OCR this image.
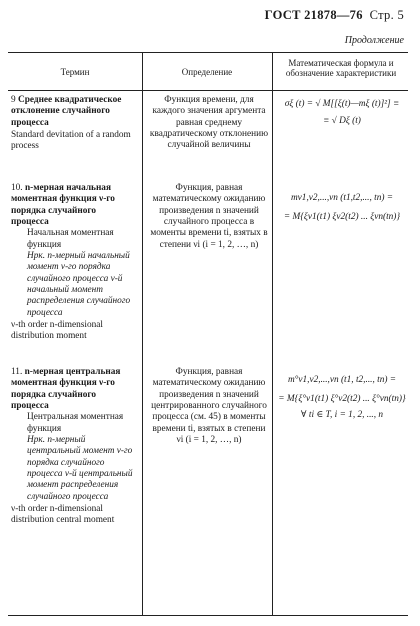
ГОСТ 21878—76 Стр. 5
Продолжение
Термин	Определение
Математическая формула и обозначение характеристики
9 Среднее квадратическое отклонение случайного процесса
Standard devitation of a random process
Функция времени, для каждого значения аргумента равная среднему квадратическому отклонению случайной величины
σξ (t) = √ M[[ξ(t)—mξ (t)]²] ≡
≡ √ Dξ (t)
10. n-мерная начальная моментная функция ν-го порядка случайного процесса
Начальная моментная функция
Нрк. n-мерный начальный момент ν-го порядка случайного процесса ν-й начальный момент распределения случайного процесса
ν-th order n-dimensional distribution moment
Функция, равная математическому ожиданию произведения n значений случайного процесса в моменты времени ti, взятых в степени νi (i = 1, 2, …, n)
mν1,ν2,...,νn (t1,t2,..., tn) =
= M{ξν1(t1) ξν2(t2) ... ξνn(tn)}
11. n-мерная центральная моментная функция ν-го порядка случайного процесса
Центральная моментная функция
Нрк. n-мерный центральный момент ν-го порядка случайного процесса ν-й центральный момент распределения случайного процесса
ν-th order n-dimensional distribution central moment
Функция, равная математическому ожиданию произведения n значений центрированного случайного процесса (см. 45) в моменты времени ti, взятых в степени νi (i = 1, 2, …, n)
m°ν1,ν2,...,νn (t1, t2,..., tn) =
= M{ξ°ν1(t1) ξ°ν2(t2) ... ξ°νn(tn)}
∀ ti ∈ T, i = 1, 2, ..., n
